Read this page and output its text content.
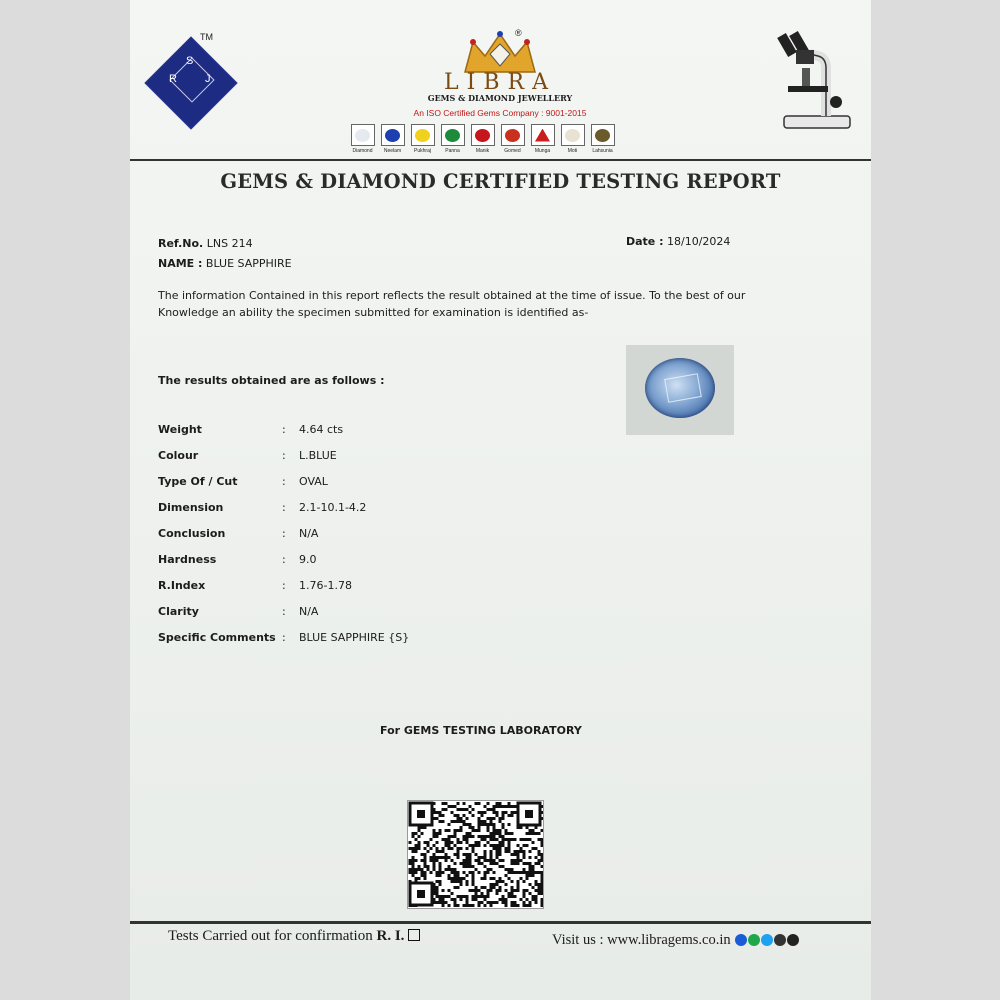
S
R	J
TM	®
LIBRA
GEMS & DIAMOND JEWELLERY
An ISO Certified Gems Company : 9001-2015
Diamond Neelam	Pukhraj	Panna	Manik	Gomed	Munga	Moti	Lahsunia
GEMS & DIAMOND CERTIFIED TESTING REPORT
Ref.No. LNS 214	Date : 18/10/2024
NAME : BLUE SAPPHIRE
The information Contained in this report reflects the result obtained at the time of issue. To the best of our
Knowledge an ability the specimen submitted for examination is identified as-
The results obtained are as follows :
Weight	: 4.64 cts
Colour	: L.BLUE
Type Of / Cut	: OVAL
Dimension	: 2.1-10.1-4.2
Conclusion	: N/A
Hardness	: 9.0
R.Index	: 1.76-1.78
Clarity	: N/A
Specific Comments : BLUE SAPPHIRE {S}
For GEMS TESTING LABORATORY
Tests Carried out for confirmation R. I.	Visit us : www.libragems.co.in
